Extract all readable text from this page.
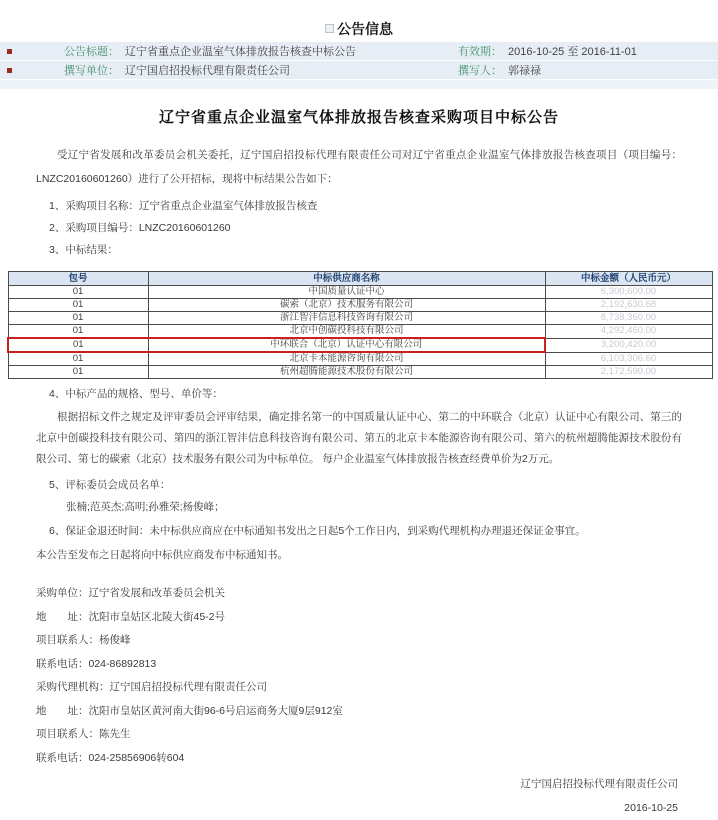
公告信息
公告标题： 辽宁省重点企业温室气体排放报告核查中标公告	有效期： 2016-10-25 至 2016-11-01
撰写单位： 辽宁国启招投标代理有限责任公司	撰写人： 郭禄禄
辽宁省重点企业温室气体排放报告核查采购项目中标公告
受辽宁省发展和改革委员会机关委托，辽宁国启招投标代理有限责任公司对辽宁省重点企业温室气体排放报告核查项目（项目编号：LNZC20160601260）进行了公开招标，现将中标结果公告如下：
1、采购项目名称：辽宁省重点企业温室气体排放报告核查
2、采购项目编号：LNZC20160601260
3、中标结果：
包号	中标供应商名称	中标金额（人民币元）
01	中国质量认证中心	6,300,600.00
01	碳索（北京）技术服务有限公司	2,192,630.68
01	浙江智沣信息科技咨询有限公司	8,738,360.00
01	北京中创碳投科技有限公司	4,292,460.00
01	中环联合（北京）认证中心有限公司	3,200,420.00
01	北京卡本能源咨询有限公司	6,103,306.60
01	杭州超腾能源技术股份有限公司	2,172,590.00
4、中标产品的规格、型号、单价等：
根据招标文件之规定及评审委员会评审结果，确定排名第一的中国质量认证中心、第二的中环联合（北京）认证中心有限公司、第三的北京中创碳投科技有限公司、第四的浙江智沣信息科技咨询有限公司、第五的北京卡本能源咨询有限公司、第六的杭州超腾能源技术股份有限公司、第七的碳索（北京）技术服务有限公司为中标单位。 每户企业温室气体排放报告核查经费单价为2万元。
5、评标委员会成员名单：
张楠;范英杰;高明;孙雅荣;杨俊峰；
6、保证金退还时间：未中标供应商应在中标通知书发出之日起5个工作日内，到采购代理机构办理退还保证金事宜。
本公告至发布之日起将向中标供应商发布中标通知书。
采购单位：辽宁省发展和改革委员会机关
地　　址：沈阳市皇姑区北陵大街45-2号
项目联系人：杨俊峰
联系电话：024-86892813
采购代理机构：辽宁国启招投标代理有限责任公司
地　　址：沈阳市皇姑区黄河南大街96-6号启运商务大厦9层912室
项目联系人：陈先生
联系电话：024-25856906转604
辽宁国启招投标代理有限责任公司
2016-10-25
